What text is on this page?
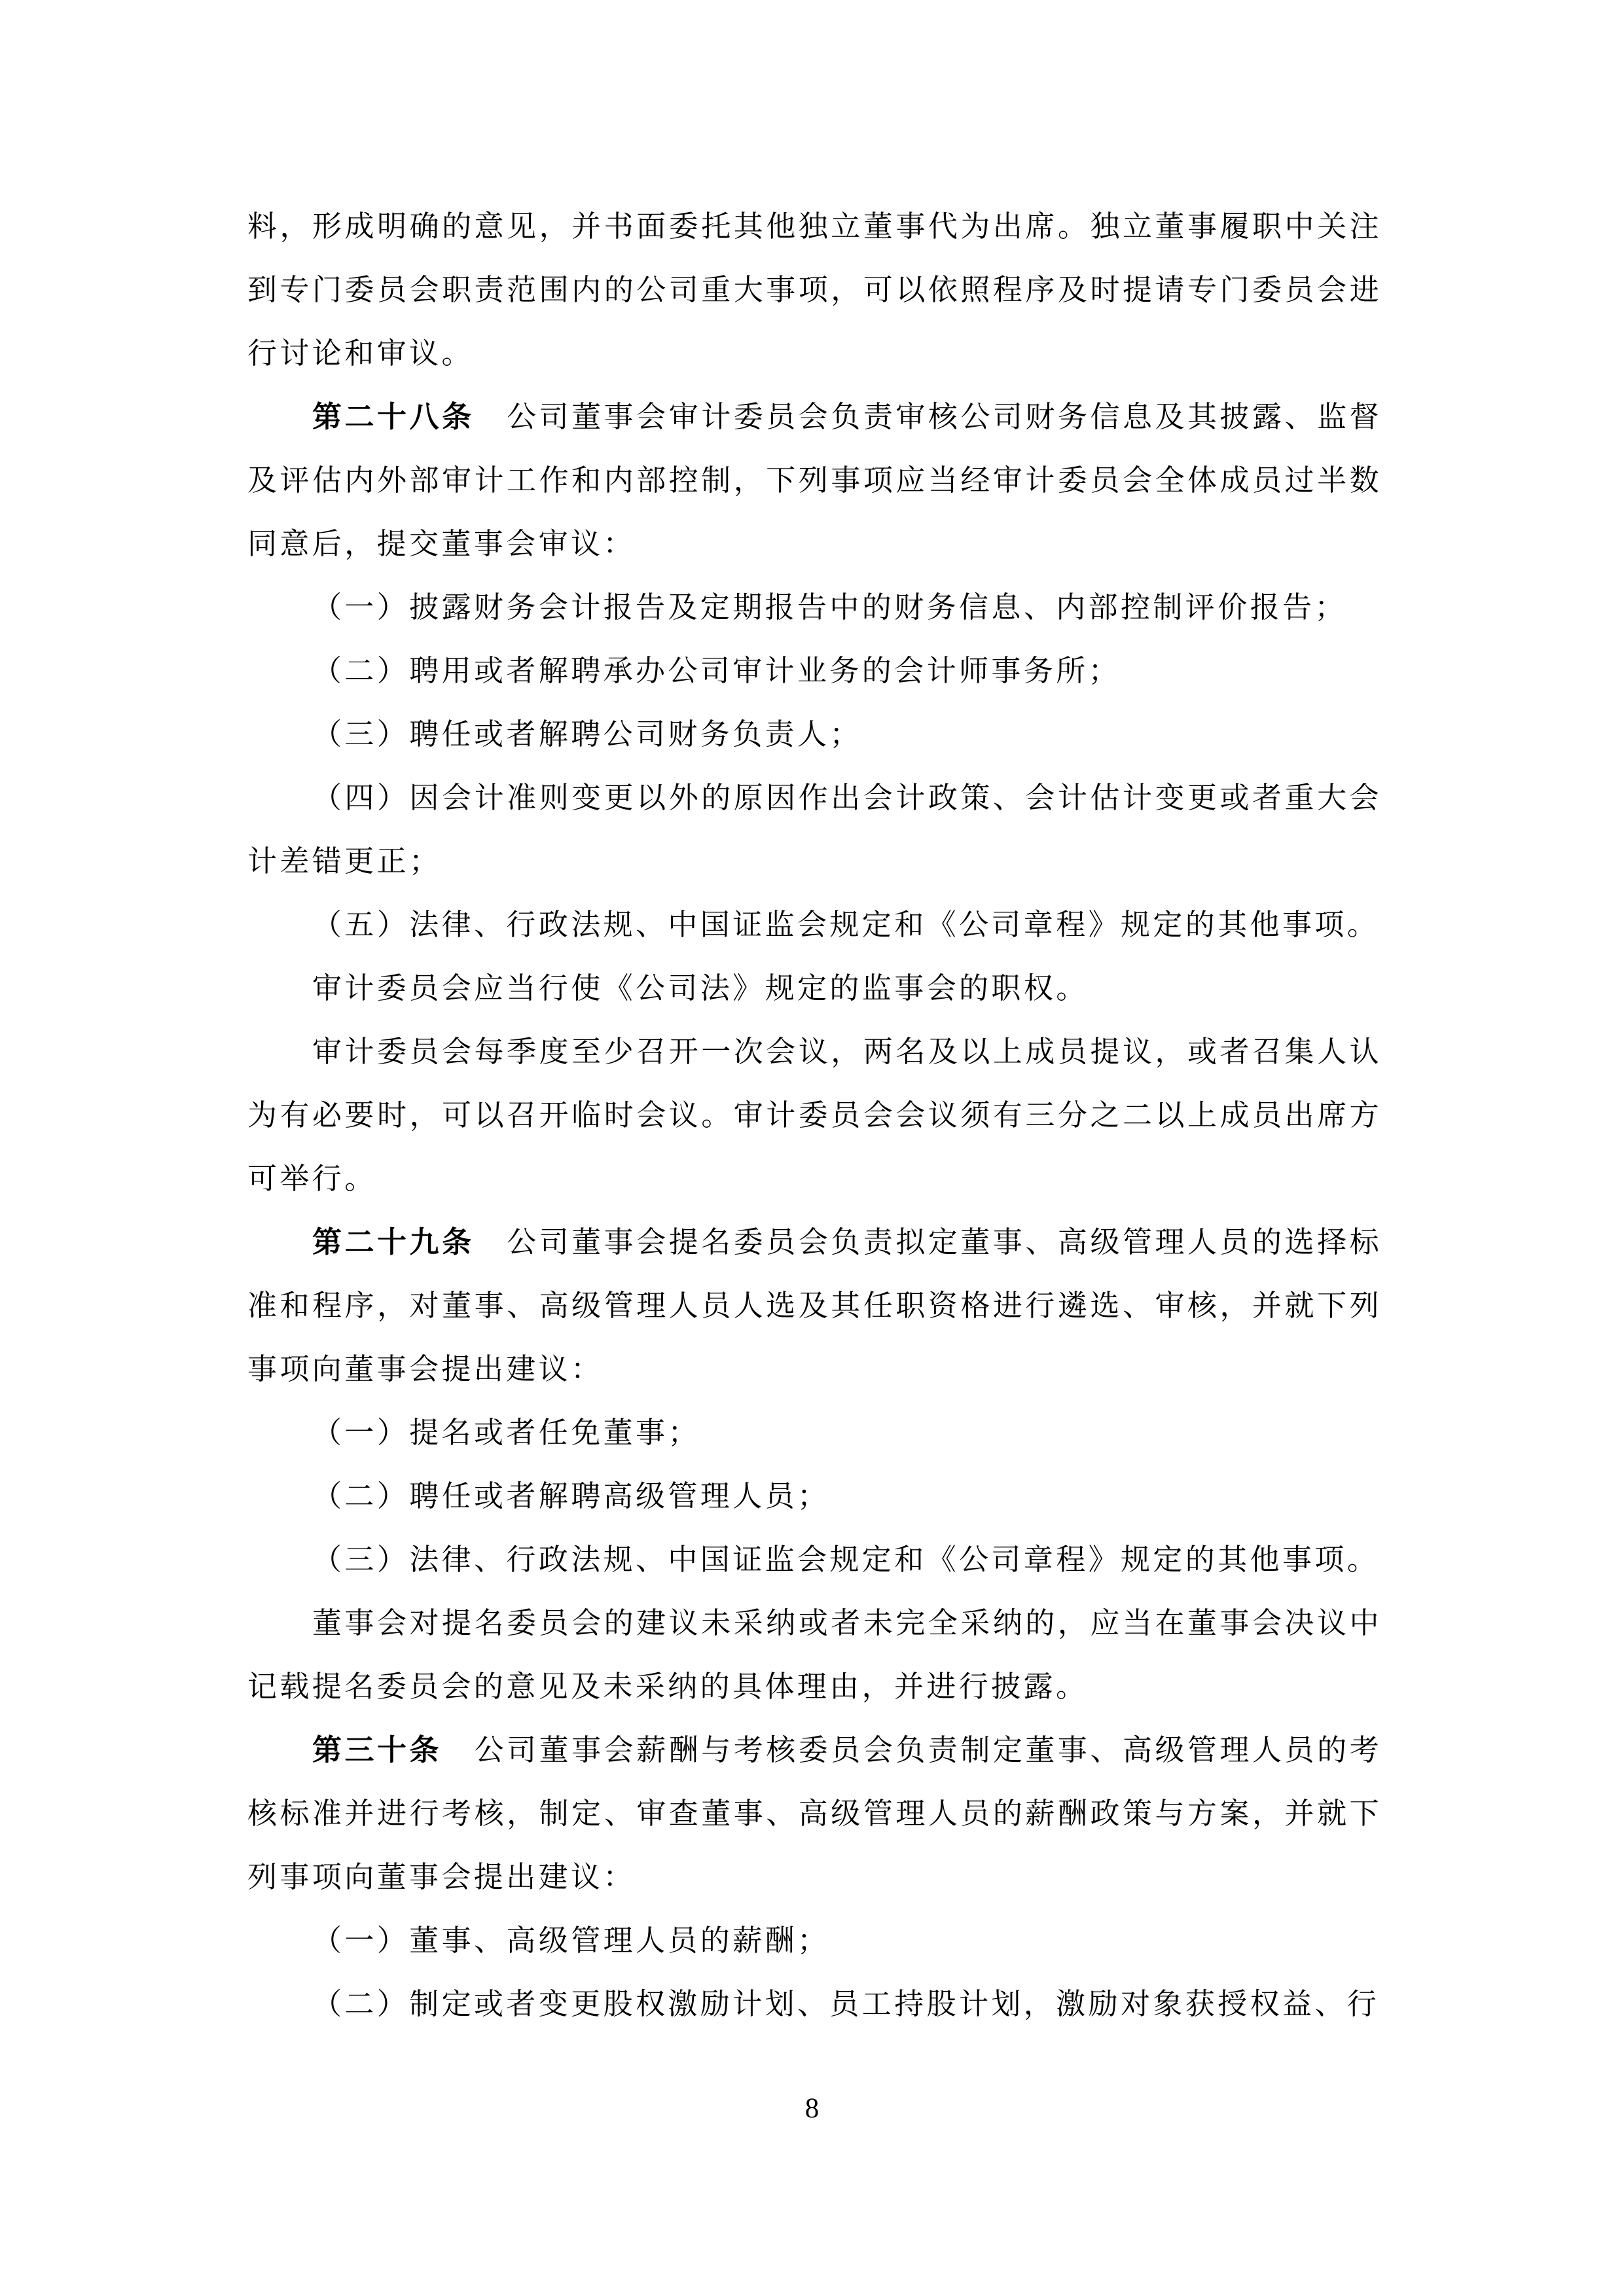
料，形成明确的意见，并书面委托其他独立董事代为出席。独立董事履职中关注到专门委员会职责范围内的公司重大事项，可以依照程序及时提请专门委员会进行讨论和审议。

第二十八条　公司董事会审计委员会负责审核公司财务信息及其披露、监督及评估内外部审计工作和内部控制，下列事项应当经审计委员会全体成员过半数同意后，提交董事会审议：

（一）披露财务会计报告及定期报告中的财务信息、内部控制评价报告；

（二）聘用或者解聘承办公司审计业务的会计师事务所；

（三）聘任或者解聘公司财务负责人；

（四）因会计准则变更以外的原因作出会计政策、会计估计变更或者重大会计差错更正；

（五）法律、行政法规、中国证监会规定和《公司章程》规定的其他事项。

审计委员会应当行使《公司法》规定的监事会的职权。

审计委员会每季度至少召开一次会议，两名及以上成员提议，或者召集人认为有必要时，可以召开临时会议。审计委员会会议须有三分之二以上成员出席方可举行。

第二十九条　公司董事会提名委员会负责拟定董事、高级管理人员的选择标准和程序，对董事、高级管理人员人选及其任职资格进行遴选、审核，并就下列事项向董事会提出建议：

（一）提名或者任免董事；

（二）聘任或者解聘高级管理人员；

（三）法律、行政法规、中国证监会规定和《公司章程》规定的其他事项。

董事会对提名委员会的建议未采纳或者未完全采纳的，应当在董事会决议中记载提名委员会的意见及未采纳的具体理由，并进行披露。

第三十条　公司董事会薪酬与考核委员会负责制定董事、高级管理人员的考核标准并进行考核，制定、审查董事、高级管理人员的薪酬政策与方案，并就下列事项向董事会提出建议：

（一）董事、高级管理人员的薪酬；

（二）制定或者变更股权激励计划、员工持股计划，激励对象获授权益、行

8
